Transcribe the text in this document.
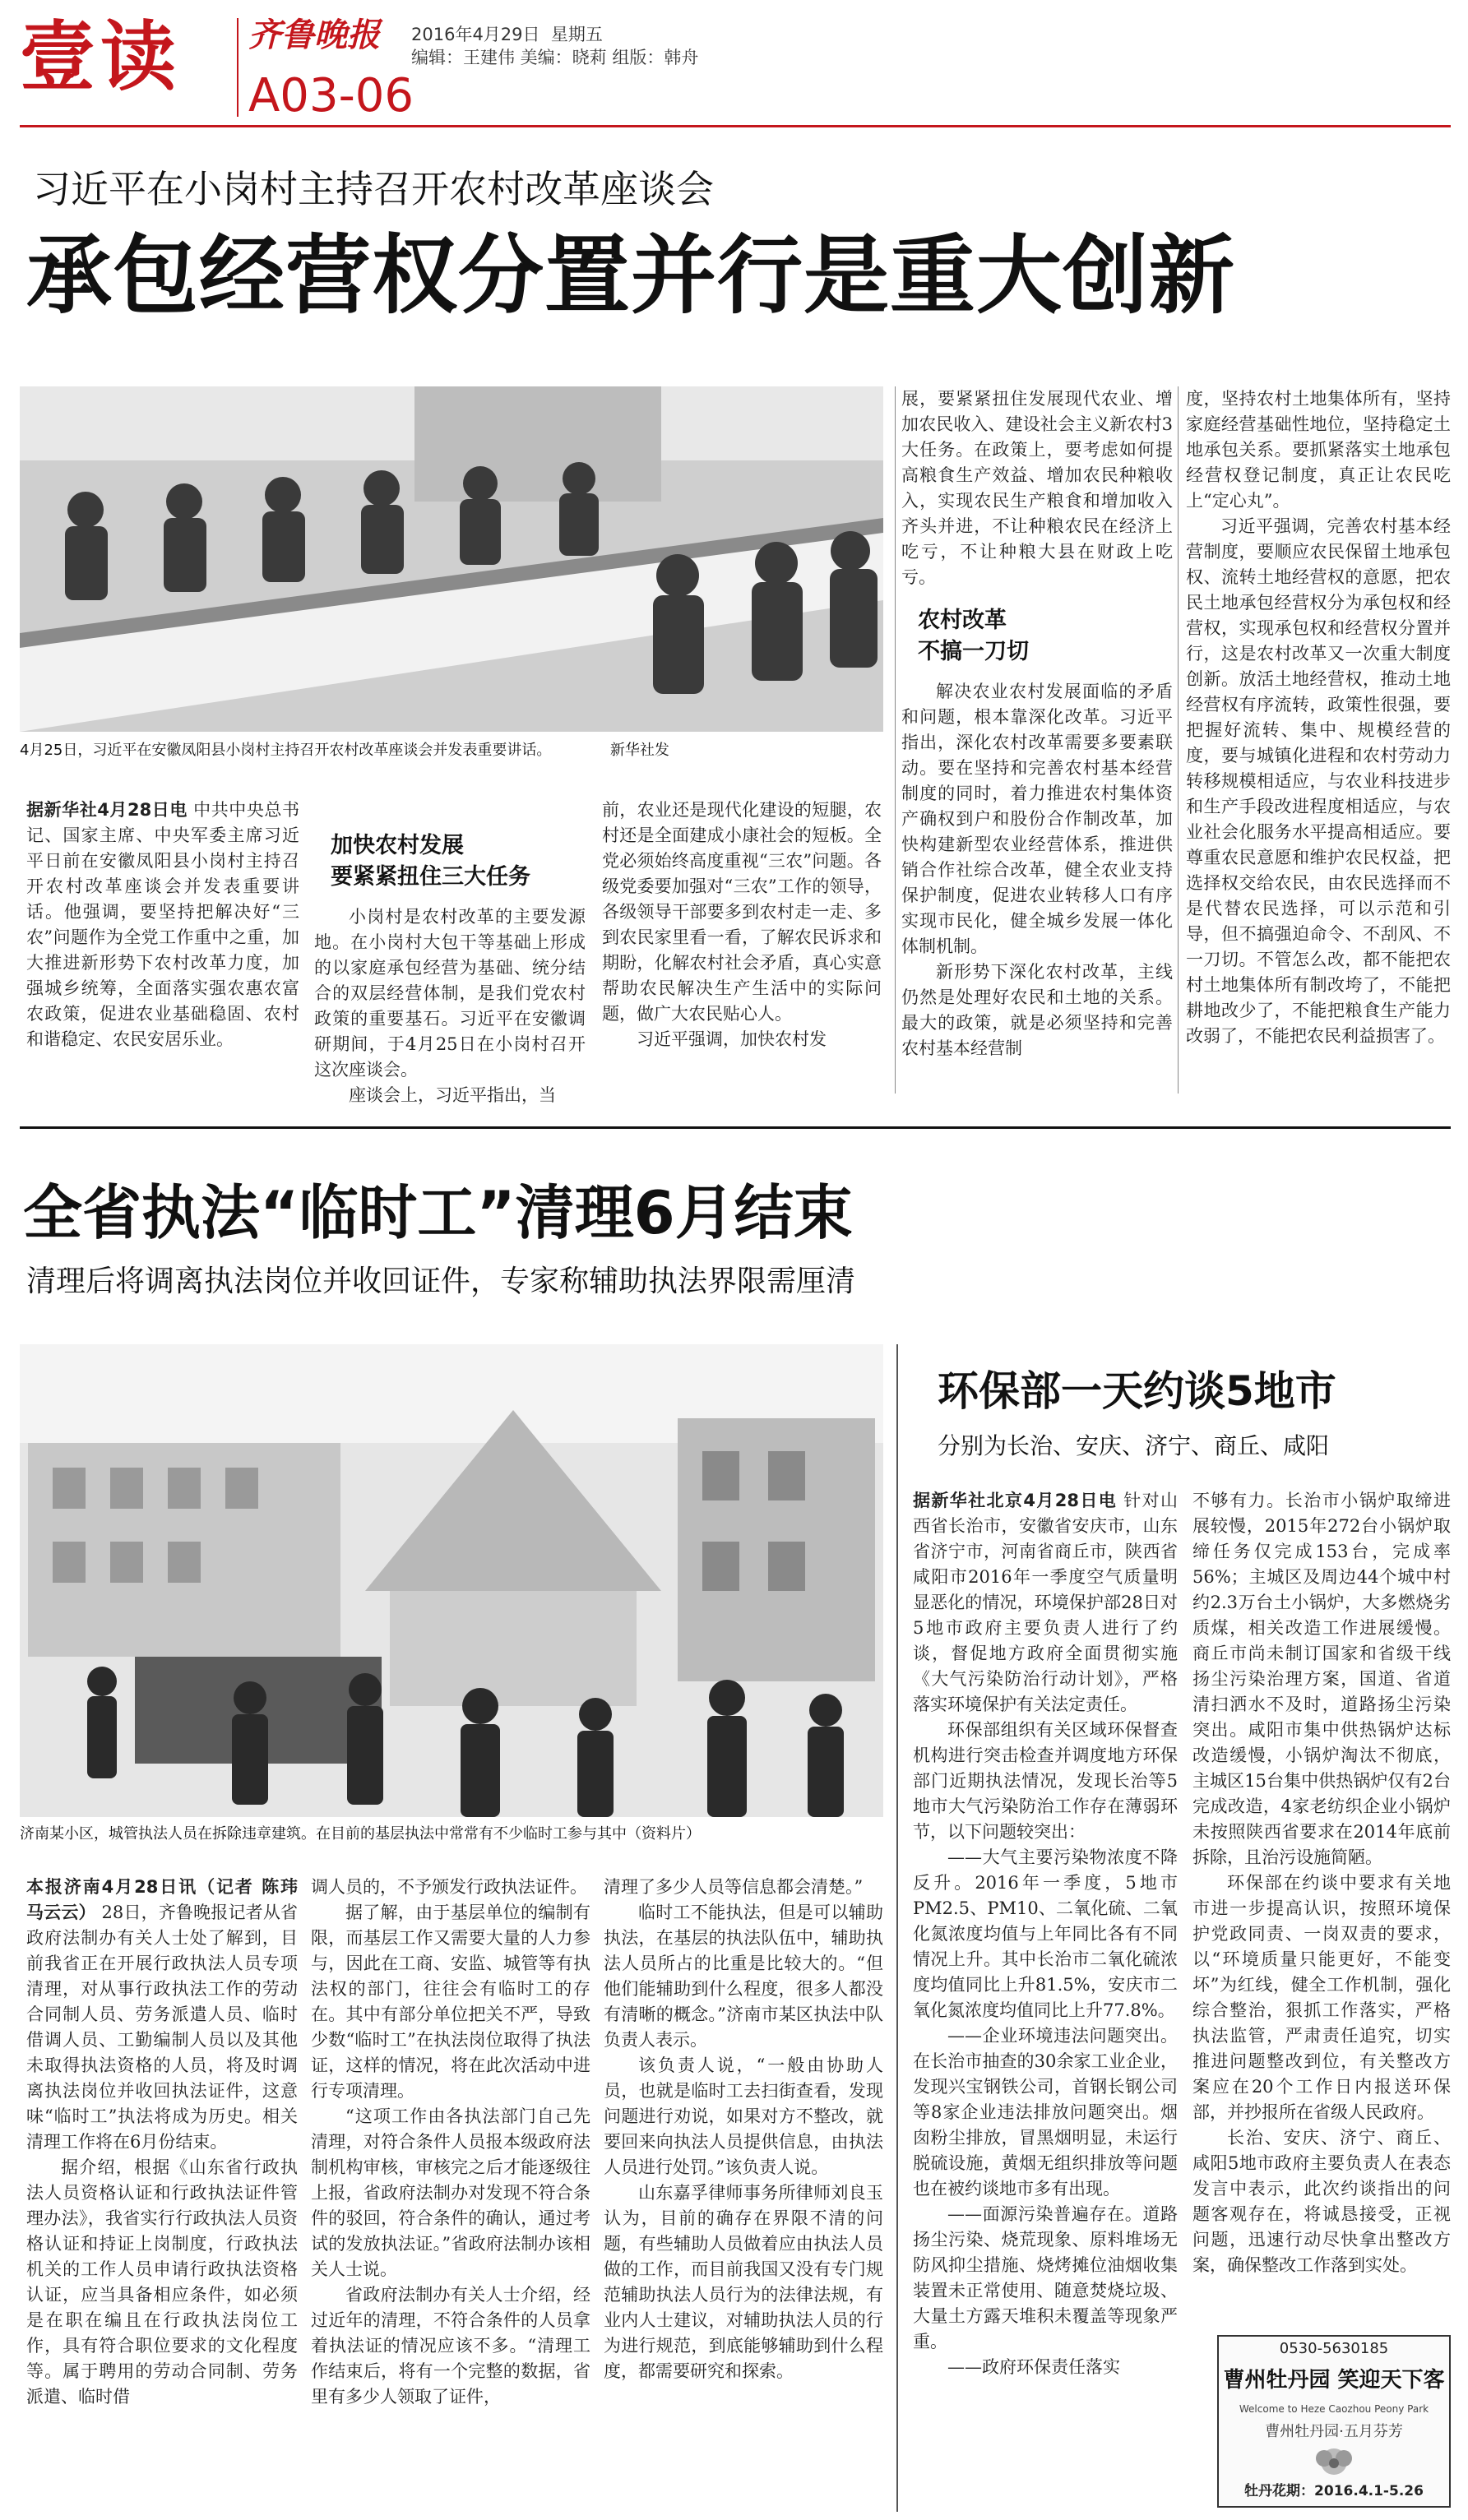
壹读 齐鲁晚报
A03-06
2016年4月29日 星期五
编辑：王建伟 美编：晓莉 组版：韩舟
习近平在小岗村主持召开农村改革座谈会
承包经营权分置并行是重大创新
4月25日，习近平在安徽凤阳县小岗村主持召开农村改革座谈会并发表重要讲话。	新华社发

据新华社4月28日电 中共中央总书记、国家主席、中央军委主席习近平日前在安徽凤阳县小岗村主持召开农村改革座谈会并发表重要讲话。他强调，要坚持把解决好“三农”问题作为全党工作重中之重，加大推进新形势下农村改革力度，加强城乡统筹，全面落实强农惠农富农政策，促进农业基础稳固、农村和谐稳定、农民安居乐业。

加快农村发展
要紧紧扭住三大任务

小岗村是农村改革的主要发源地。在小岗村大包干等基础上形成的以家庭承包经营为基础、统分结合的双层经营体制，是我们党农村政策的重要基石。习近平在安徽调研期间，于4月25日在小岗村召开这次座谈会。

座谈会上，习近平指出，当

前，农业还是现代化建设的短腿，农村还是全面建成小康社会的短板。全党必须始终高度重视“三农”问题。各级党委要加强对“三农”工作的领导，各级领导干部要多到农村走一走、多到农民家里看一看，了解农民诉求和期盼，化解农村社会矛盾，真心实意帮助农民解决生产生活中的实际问题，做广大农民贴心人。

习近平强调，加快农村发

展，要紧紧扭住发展现代农业、增加农民收入、建设社会主义新农村3大任务。在政策上，要考虑如何提高粮食生产效益、增加农民种粮收入，实现农民生产粮食和增加收入齐头并进，不让种粮农民在经济上吃亏，不让种粮大县在财政上吃亏。

农村改革
不搞一刀切

解决农业农村发展面临的矛盾和问题，根本靠深化改革。习近平指出，深化农村改革需要多要素联动。要在坚持和完善农村基本经营制度的同时，着力推进农村集体资产确权到户和股份合作制改革，加快构建新型农业经营体系，推进供销合作社综合改革，健全农业支持保护制度，促进农业转移人口有序实现市民化，健全城乡发展一体化体制机制。

新形势下深化农村改革，主线仍然是处理好农民和土地的关系。最大的政策，就是必须坚持和完善农村基本经营制

度，坚持农村土地集体所有，坚持家庭经营基础性地位，坚持稳定土地承包关系。要抓紧落实土地承包经营权登记制度，真正让农民吃上“定心丸”。

习近平强调，完善农村基本经营制度，要顺应农民保留土地承包权、流转土地经营权的意愿，把农民土地承包经营权分为承包权和经营权，实现承包权和经营权分置并行，这是农村改革又一次重大制度创新。放活土地经营权，推动土地经营权有序流转，政策性很强，要把握好流转、集中、规模经营的度，要与城镇化进程和农村劳动力转移规模相适应，与农业科技进步和生产手段改进程度相适应，与农业社会化服务水平提高相适应。要尊重农民意愿和维护农民权益，把选择权交给农民，由农民选择而不是代替农民选择，可以示范和引导，但不搞强迫命令、不刮风、不一刀切。不管怎么改，都不能把农村土地集体所有制改垮了，不能把耕地改少了，不能把粮食生产能力改弱了，不能把农民利益损害了。

全省执法“临时工”清理6月结束
清理后将调离执法岗位并收回证件，专家称辅助执法界限需厘清
济南某小区，城管执法人员在拆除违章建筑。在目前的基层执法中常常有不少临时工参与其中（资料片）

本报济南4月28日讯（记者 陈玮 马云云） 28日，齐鲁晚报记者从省政府法制办有关人士处了解到，目前我省正在开展行政执法人员专项清理，对从事行政执法工作的劳动合同制人员、劳务派遣人员、临时借调人员、工勤编制人员以及其他未取得执法资格的人员，将及时调离执法岗位并收回执法证件，这意味“临时工”执法将成为历史。相关清理工作将在6月份结束。

据介绍，根据《山东省行政执法人员资格认证和行政执法证件管理办法》，我省实行行政执法人员资格认证和持证上岗制度，行政执法机关的工作人员申请行政执法资格认证，应当具备相应条件，如必须是在职在编且在行政执法岗位工作，具有符合职位要求的文化程度等。属于聘用的劳动合同制、劳务派遣、临时借

调人员的，不予颁发行政执法证件。

据了解，由于基层单位的编制有限，而基层工作又需要大量的人力参与，因此在工商、安监、城管等有执法权的部门，往往会有临时工的存在。其中有部分单位把关不严，导致少数“临时工”在执法岗位取得了执法证，这样的情况，将在此次活动中进行专项清理。

“这项工作由各执法部门自己先清理，对符合条件人员报本级政府法制机构审核，审核完之后才能逐级往上报，省政府法制办对发现不符合条件的驳回，符合条件的确认，通过考试的发放执法证。”省政府法制办该相关人士说。

省政府法制办有关人士介绍，经过近年的清理，不符合条件的人员拿着执法证的情况应该不多。“清理工作结束后，将有一个完整的数据，省里有多少人领取了证件，

清理了多少人员等信息都会清楚。”

临时工不能执法，但是可以辅助执法，在基层的执法队伍中，辅助执法人员所占的比重是比较大的。“但他们能辅助到什么程度，很多人都没有清晰的概念。”济南市某区执法中队负责人表示。

该负责人说，“一般由协助人员，也就是临时工去扫街查看，发现问题进行劝说，如果对方不整改，就要回来向执法人员提供信息，由执法人员进行处罚。”该负责人说。

山东嘉孚律师事务所律师刘良玉认为，目前的确存在界限不清的问题，有些辅助人员做着应由执法人员做的工作，而目前我国又没有专门规范辅助执法人员行为的法律法规，有业内人士建议，对辅助执法人员的行为进行规范，到底能够辅助到什么程度，都需要研究和探索。

环保部一天约谈5地市
分别为长治、安庆、济宁、商丘、咸阳

据新华社北京4月28日电 针对山西省长治市，安徽省安庆市，山东省济宁市，河南省商丘市，陕西省咸阳市2016年一季度空气质量明显恶化的情况，环境保护部28日对5地市政府主要负责人进行了约谈，督促地方政府全面贯彻实施《大气污染防治行动计划》，严格落实环境保护有关法定责任。

环保部组织有关区域环保督查机构进行突击检查并调度地方环保部门近期执法情况，发现长治等5地市大气污染防治工作存在薄弱环节，以下问题较突出：

——大气主要污染物浓度不降反升。2016年一季度，5地市PM2.5、PM10、二氧化硫、二氧化氮浓度均值与上年同比各有不同情况上升。其中长治市二氧化硫浓度均值同比上升81.5%，安庆市二氧化氮浓度均值同比上升77.8%。

——企业环境违法问题突出。在长治市抽查的30余家工业企业，发现兴宝钢铁公司，首钢长钢公司等8家企业违法排放问题突出。烟囱粉尘排放，冒黑烟明显，未运行脱硫设施，黄烟无组织排放等问题也在被约谈地市多有出现。

——面源污染普遍存在。道路扬尘污染、烧荒现象、原料堆场无防风抑尘措施、烧烤摊位油烟收集装置未正常使用、随意焚烧垃圾、大量土方露天堆积未覆盖等现象严重。

——政府环保责任落实

不够有力。长治市小锅炉取缔进展较慢，2015年272台小锅炉取缔任务仅完成153台，完成率56%；主城区及周边44个城中村约2.3万台土小锅炉，大多燃烧劣质煤，相关改造工作进展缓慢。商丘市尚未制订国家和省级干线扬尘污染治理方案，国道、省道清扫洒水不及时，道路扬尘污染突出。咸阳市集中供热锅炉达标改造缓慢，小锅炉淘汰不彻底，主城区15台集中供热锅炉仅有2台完成改造，4家老纺织企业小锅炉未按照陕西省要求在2014年底前拆除，且治污设施简陋。

环保部在约谈中要求有关地市进一步提高认识，按照环境保护党政同责、一岗双责的要求，以“环境质量只能更好，不能变坏”为红线，健全工作机制，强化综合整治，狠抓工作落实，严格执法监管，严肃责任追究，切实推进问题整改到位，有关整改方案应在20个工作日内报送环保部，并抄报所在省级人民政府。

长治、安庆、济宁、商丘、咸阳5地市政府主要负责人在表态发言中表示，此次约谈指出的问题客观存在，将诚恳接受，正视问题，迅速行动尽快拿出整改方案，确保整改工作落到实处。

0530-5630185
曹州牡丹园 笑迎天下客
Welcome to Heze Caozhou Peony Park
曹州牡丹园·五月芬芳
牡丹花期：2016.4.1-5.26
